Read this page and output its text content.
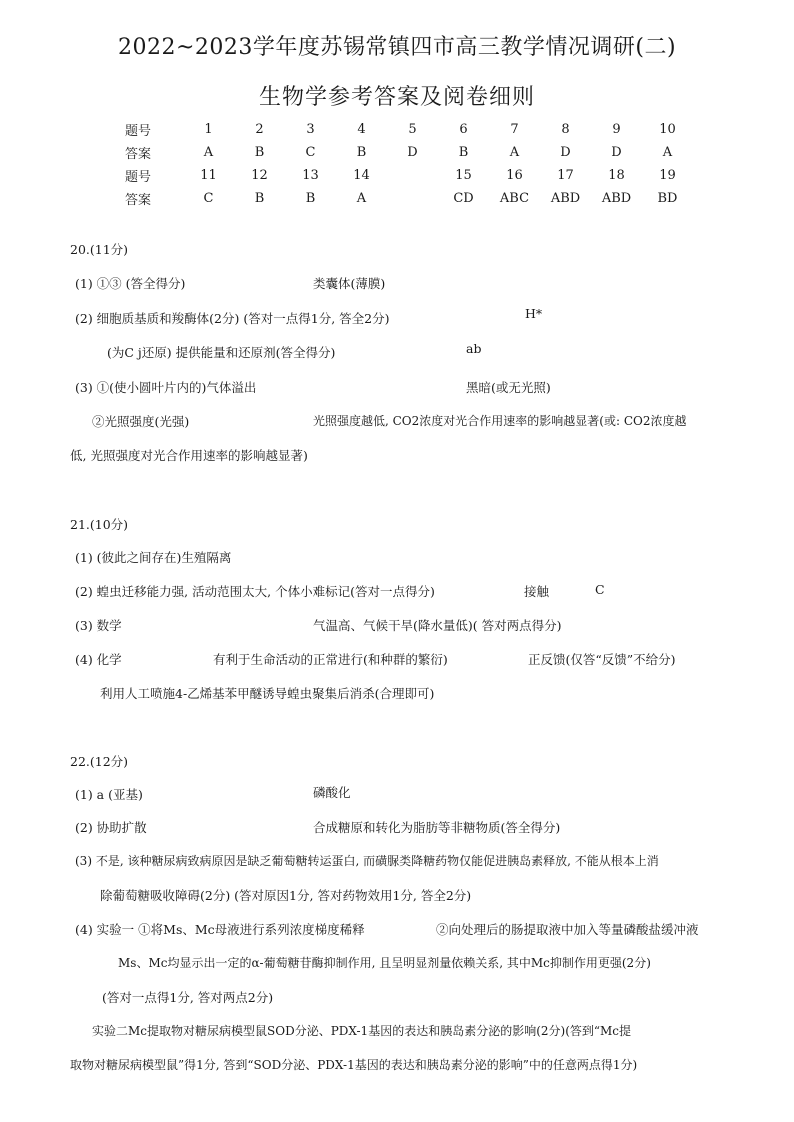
2022~2023学年度苏锡常镇四市高三教学情况调研(二)
生物学参考答案及阅卷细则
题号	1	2	3	4	5	6	7	8	9	10
答案	A	B	C	B	D	B	A	D	D	A
题号	11	12	13	14	15	16	17	18	19
答案	C	B	B	A	CD	ABC	ABD	ABD	BD
20.(11分)
(1) ①③ (答全得分)	类囊体(薄膜)
(2) 细胞质基质和羧酶体(2分) (答对一点得1分, 答全2分)	H*
(为C j还原) 提供能量和还原剂(答全得分)	ab
(3) ①(使小圆叶片内的)气体溢出	黑暗(或无光照)
②光照强度(光强)	光照强度越低, CO2浓度对光合作用速率的影响越显著(或: CO2浓度越
低, 光照强度对光合作用速率的影响越显著)
21.(10分)
(1) (彼此之间存在)生殖隔离
(2) 蝗虫迁移能力强, 活动范围太大, 个体小难标记(答对一点得分)	接触	C
(3) 数学	气温高、气候干旱(降水量低)( 答对两点得分)
(4) 化学	有利于生命活动的正常进行(和种群的繁衍)	正反馈(仅答“反馈”不给分)
利用人工喷施4-乙烯基苯甲醚诱导蝗虫聚集后消杀(合理即可)
22.(12分)
(1) a (亚基)	磷酸化
(2) 协助扩散	合成糖原和转化为脂肪等非糖物质(答全得分)
(3) 不是, 该种糖尿病致病原因是缺乏葡萄糖转运蛋白, 而磺脲类降糖药物仅能促进胰岛素释放, 不能从根本上消
除葡萄糖吸收障碍(2分) (答对原因1分, 答对药物效用1分, 答全2分)
(4) 实验一 ①将Ms、Mc母液进行系列浓度梯度稀释	②向处理后的肠提取液中加入等量磷酸盐缓冲液
Ms、Mc均显示出一定的α-葡萄糖苷酶抑制作用, 且呈明显剂量依赖关系, 其中Mc抑制作用更强(2分)
(答对一点得1分, 答对两点2分)
实验二Mc提取物对糖尿病模型鼠SOD分泌、PDX-1基因的表达和胰岛素分泌的影响(2分)(答到“Mc提
取物对糖尿病模型鼠”得1分, 答到“SOD分泌、PDX-1基因的表达和胰岛素分泌的影响”中的任意两点得1分)
